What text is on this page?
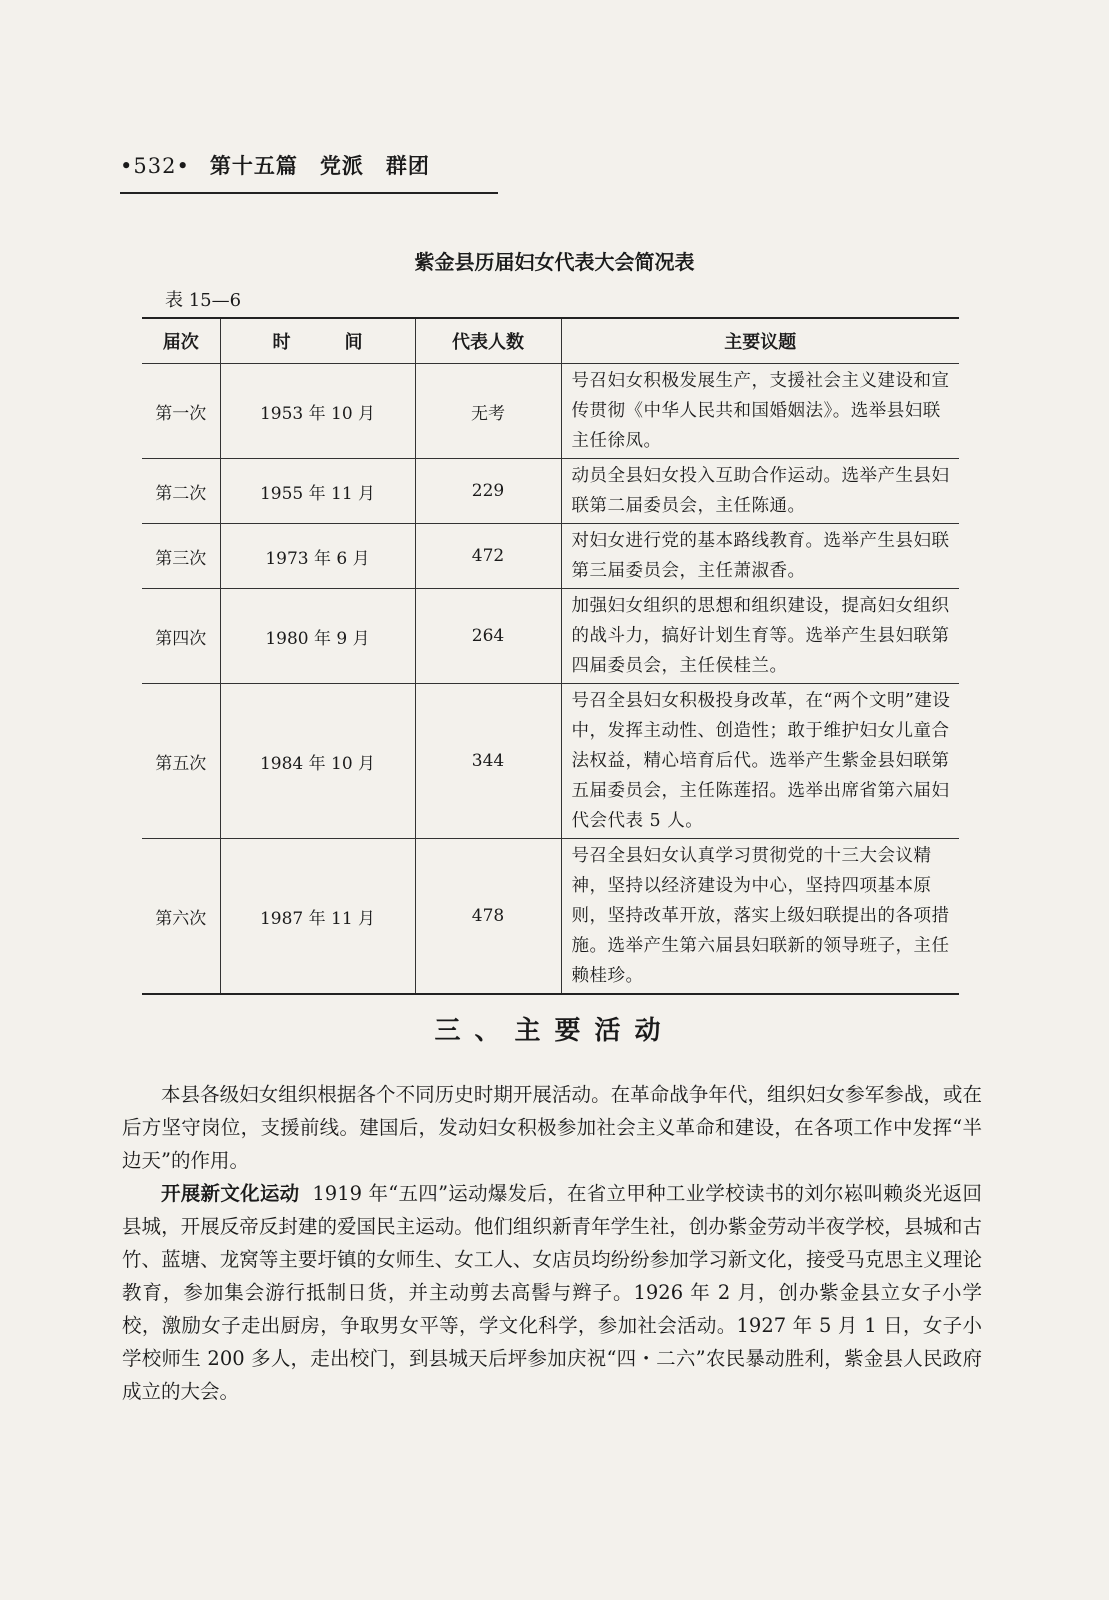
•532• 第十五篇　党派　群团
紫金县历届妇女代表大会简况表
表 15—6
届次	时　　　间	代表人数	主要议题
第一次	1953 年 10 月	无考	号召妇女积极发展生产，支援社会主义建设和宣传贯彻《中华人民共和国婚姻法》。选举县妇联主任徐凤。
第二次	1955 年 11 月	229	动员全县妇女投入互助合作运动。选举产生县妇联第二届委员会，主任陈通。
第三次	1973 年 6 月	472	对妇女进行党的基本路线教育。选举产生县妇联第三届委员会，主任萧淑香。
第四次	1980 年 9 月	264	加强妇女组织的思想和组织建设，提高妇女组织的战斗力，搞好计划生育等。选举产生县妇联第四届委员会，主任侯桂兰。
第五次	1984 年 10 月	344	号召全县妇女积极投身改革，在“两个文明”建设中，发挥主动性、创造性；敢于维护妇女儿童合法权益，精心培育后代。选举产生紫金县妇联第五届委员会，主任陈莲招。选举出席省第六届妇代会代表 5 人。
第六次	1987 年 11 月	478	号召全县妇女认真学习贯彻党的十三大会议精神，坚持以经济建设为中心，坚持四项基本原则，坚持改革开放，落实上级妇联提出的各项措施。选举产生第六届县妇联新的领导班子，主任赖桂珍。
三、主要活动

本县各级妇女组织根据各个不同历史时期开展活动。在革命战争年代，组织妇女参军参战，或在后方坚守岗位，支援前线。建国后，发动妇女积极参加社会主义革命和建设，在各项工作中发挥“半边天”的作用。

开展新文化运动 1919 年“五四”运动爆发后，在省立甲种工业学校读书的刘尔崧叫赖炎光返回县城，开展反帝反封建的爱国民主运动。他们组织新青年学生社，创办紫金劳动半夜学校，县城和古竹、蓝塘、龙窝等主要圩镇的女师生、女工人、女店员均纷纷参加学习新文化，接受马克思主义理论教育，参加集会游行抵制日货，并主动剪去高髻与辫子。1926 年 2 月，创办紫金县立女子小学校，激励女子走出厨房，争取男女平等，学文化科学，参加社会活动。1927 年 5 月 1 日，女子小学校师生 200 多人，走出校门，到县城天后坪参加庆祝“四・二六”农民暴动胜利，紫金县人民政府成立的大会。
